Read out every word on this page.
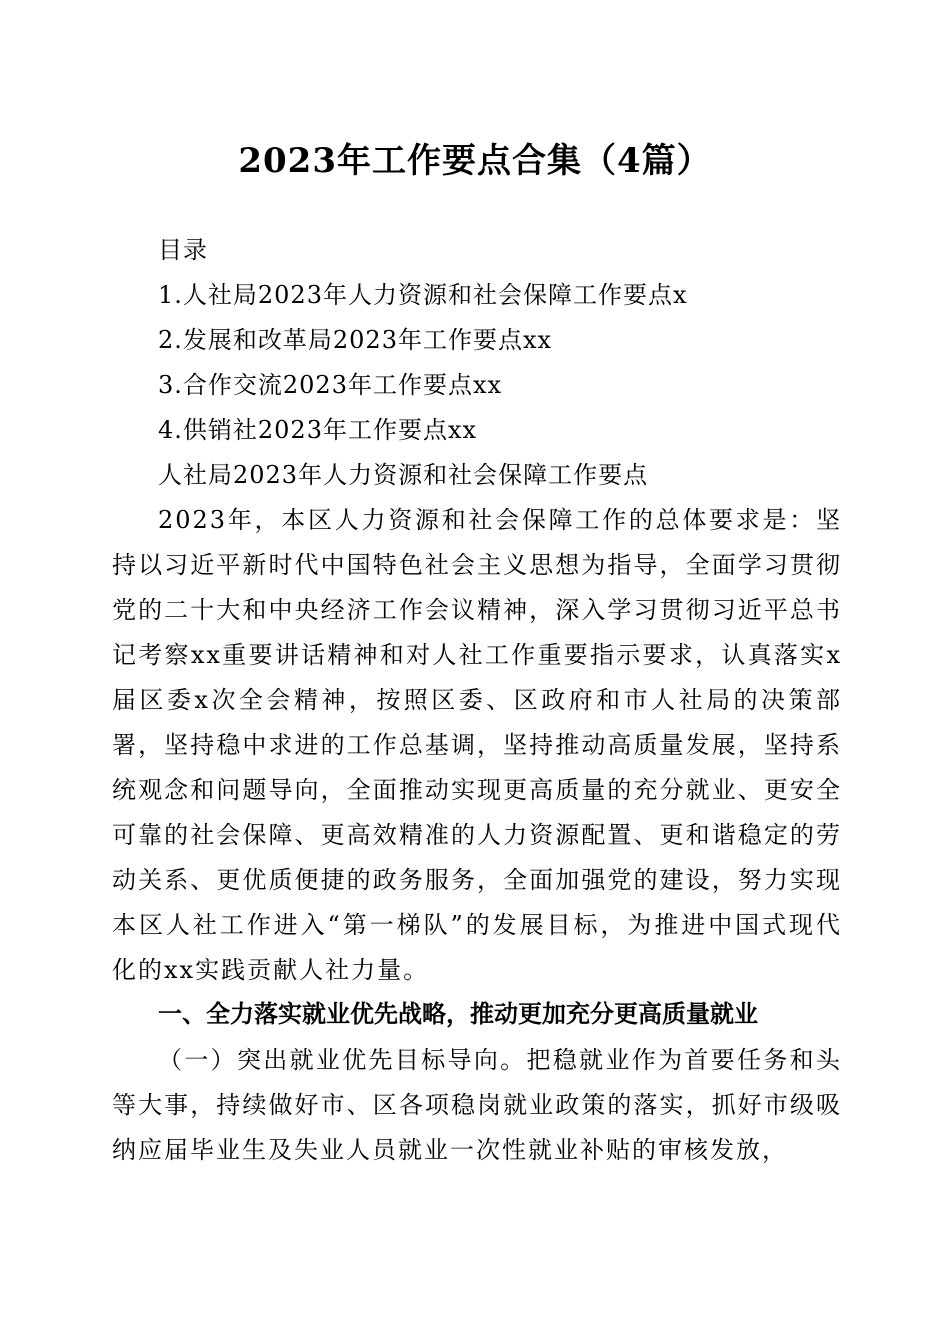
2023年工作要点合集（4篇）
目录
1.人社局2023年人力资源和社会保障工作要点x
2.发展和改革局2023年工作要点xx
3.合作交流2023年工作要点xx
4.供销社2023年工作要点xx
人社局2023年人力资源和社会保障工作要点
2023年，本区人力资源和社会保障工作的总体要求是：坚持以习近平新时代中国特色社会主义思想为指导，全面学习贯彻党的二十大和中央经济工作会议精神，深入学习贯彻习近平总书记考察xx重要讲话精神和对人社工作重要指示要求，认真落实x届区委x次全会精神，按照区委、区政府和市人社局的决策部署，坚持稳中求进的工作总基调，坚持推动高质量发展，坚持系统观念和问题导向，全面推动实现更高质量的充分就业、更安全可靠的社会保障、更高效精准的人力资源配置、更和谐稳定的劳动关系、更优质便捷的政务服务，全面加强党的建设，努力实现本区人社工作进入“第一梯队”的发展目标，为推进中国式现代化的xx实践贡献人社力量。
一、全力落实就业优先战略，推动更加充分更高质量就业
（一）突出就业优先目标导向。把稳就业作为首要任务和头等大事，持续做好市、区各项稳岗就业政策的落实，抓好市级吸纳应届毕业生及失业人员就业一次性就业补贴的审核发放，
